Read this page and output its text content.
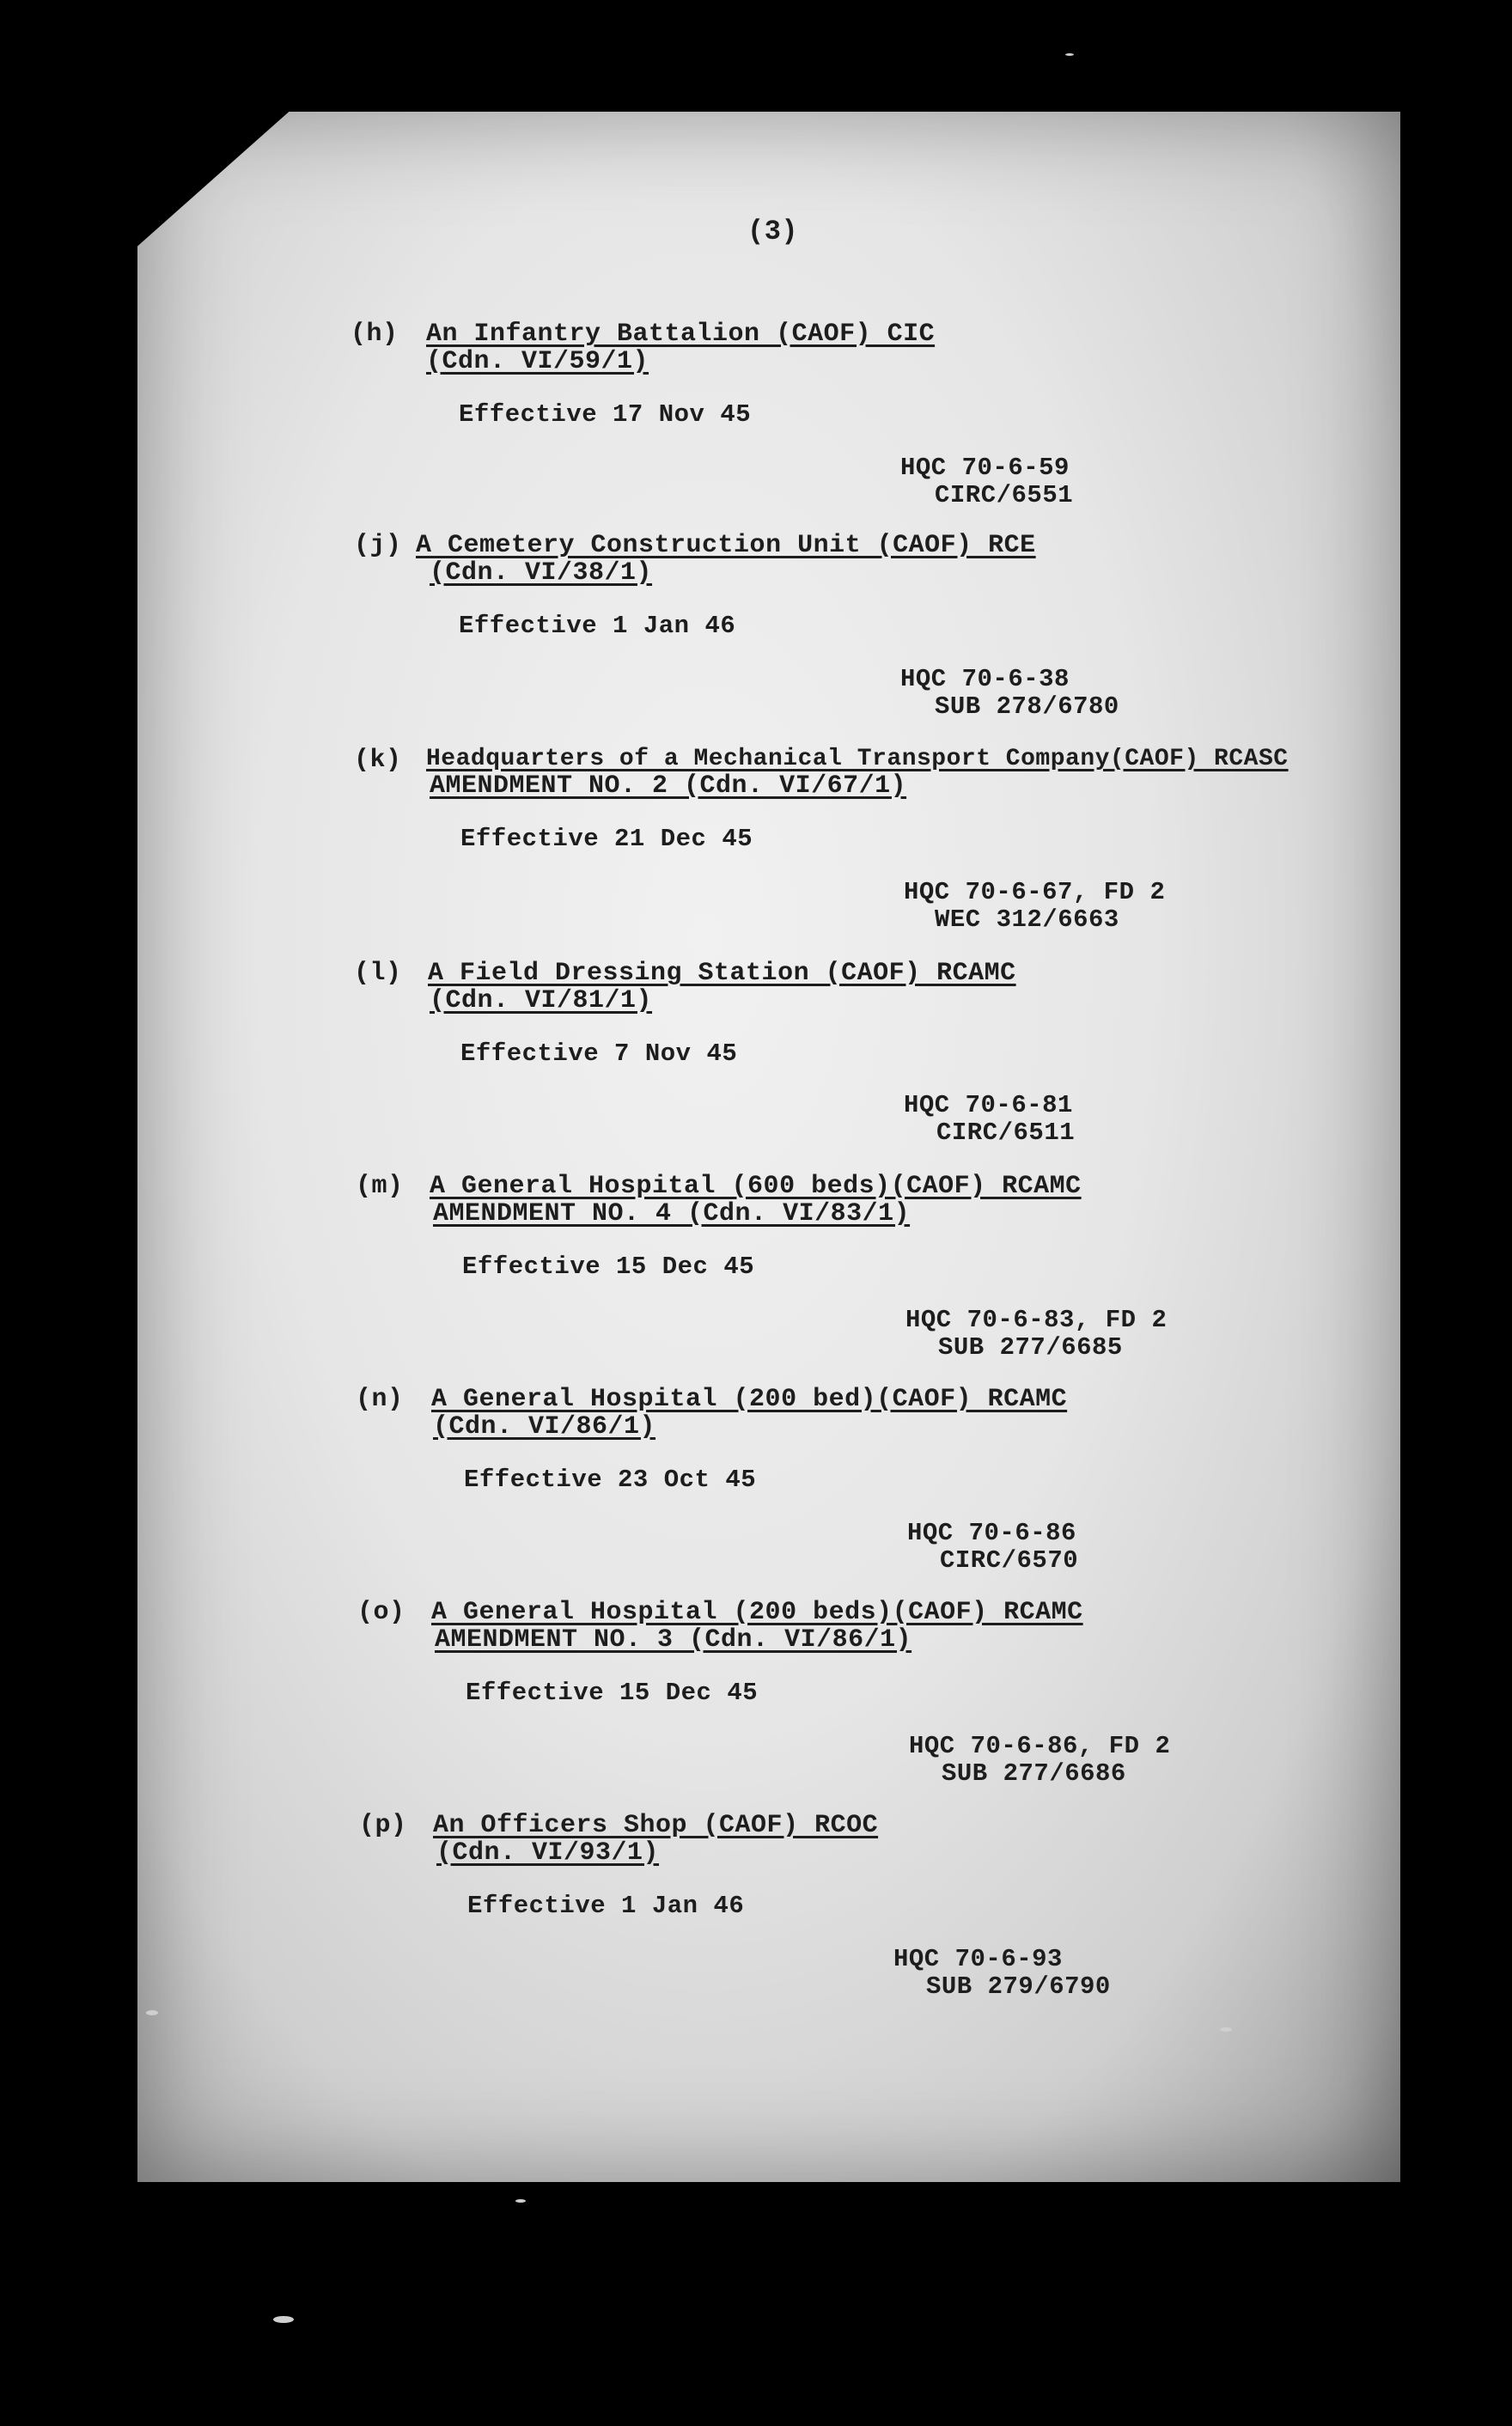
(3)
(h) An Infantry Battalion (CAOF) CIC
(Cdn. VI/59/1)
Effective 17 Nov 45
HQC 70-6-59
CIRC/6551
(j) A Cemetery Construction Unit (CAOF) RCE
(Cdn. VI/38/1)
Effective 1 Jan 46
HQC 70-6-38
SUB 278/6780
(k) Headquarters of a Mechanical Transport Company(CAOF) RCASC
AMENDMENT NO. 2 (Cdn. VI/67/1)
Effective 21 Dec 45
HQC 70-6-67, FD 2
WEC 312/6663
(l) A Field Dressing Station (CAOF) RCAMC
(Cdn. VI/81/1)
Effective 7 Nov 45
HQC 70-6-81
CIRC/6511
(m) A General Hospital (600 beds)(CAOF) RCAMC
AMENDMENT NO. 4 (Cdn. VI/83/1)
Effective 15 Dec 45
HQC 70-6-83, FD 2
SUB 277/6685
(n) A General Hospital (200 bed)(CAOF) RCAMC
(Cdn. VI/86/1)
Effective 23 Oct 45
HQC 70-6-86
CIRC/6570
(o) A General Hospital (200 beds)(CAOF) RCAMC
AMENDMENT NO. 3 (Cdn. VI/86/1)
Effective 15 Dec 45
HQC 70-6-86, FD 2
SUB 277/6686
(p) An Officers Shop (CAOF) RCOC
(Cdn. VI/93/1)
Effective 1 Jan 46
HQC 70-6-93
SUB 279/6790
